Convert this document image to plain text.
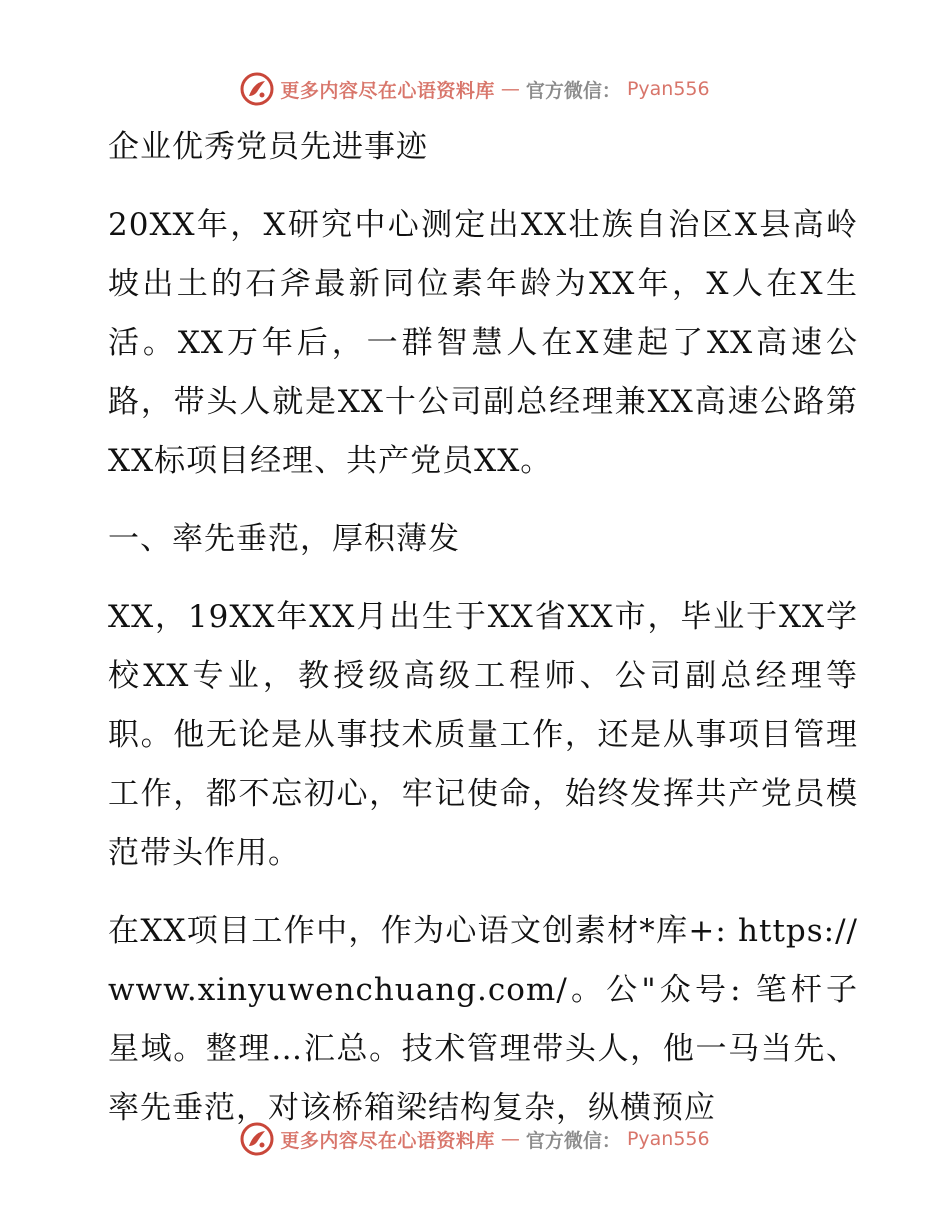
更多内容尽在心语资料库 — 官方微信： Pyan556

企业优秀党员先进事迹

20XX年，X研究中心测定出XX壮族自治区X县高岭坡出土的石斧最新同位素年龄为XX年，X人在X生活。XX万年后，一群智慧人在X建起了XX高速公路，带头人就是XX十公司副总经理兼XX高速公路第XX标项目经理、共产党员XX。

一、率先垂范，厚积薄发

XX，19XX年XX月出生于XX省XX市，毕业于XX学校XX专业，教授级高级工程师、公司副总经理等职。他无论是从事技术质量工作，还是从事项目管理工作，都不忘初心，牢记使命，始终发挥共产党员模范带头作用。

在XX项目工作中，作为心语文创素材*库+: https://www.xinyuwenchuang.com/。公"众号: 笔杆子星域。整理…汇总。技术管理带头人，他一马当先、率先垂范，对该桥箱梁结构复杂，纵横预应

更多内容尽在心语资料库 — 官方微信： Pyan556
